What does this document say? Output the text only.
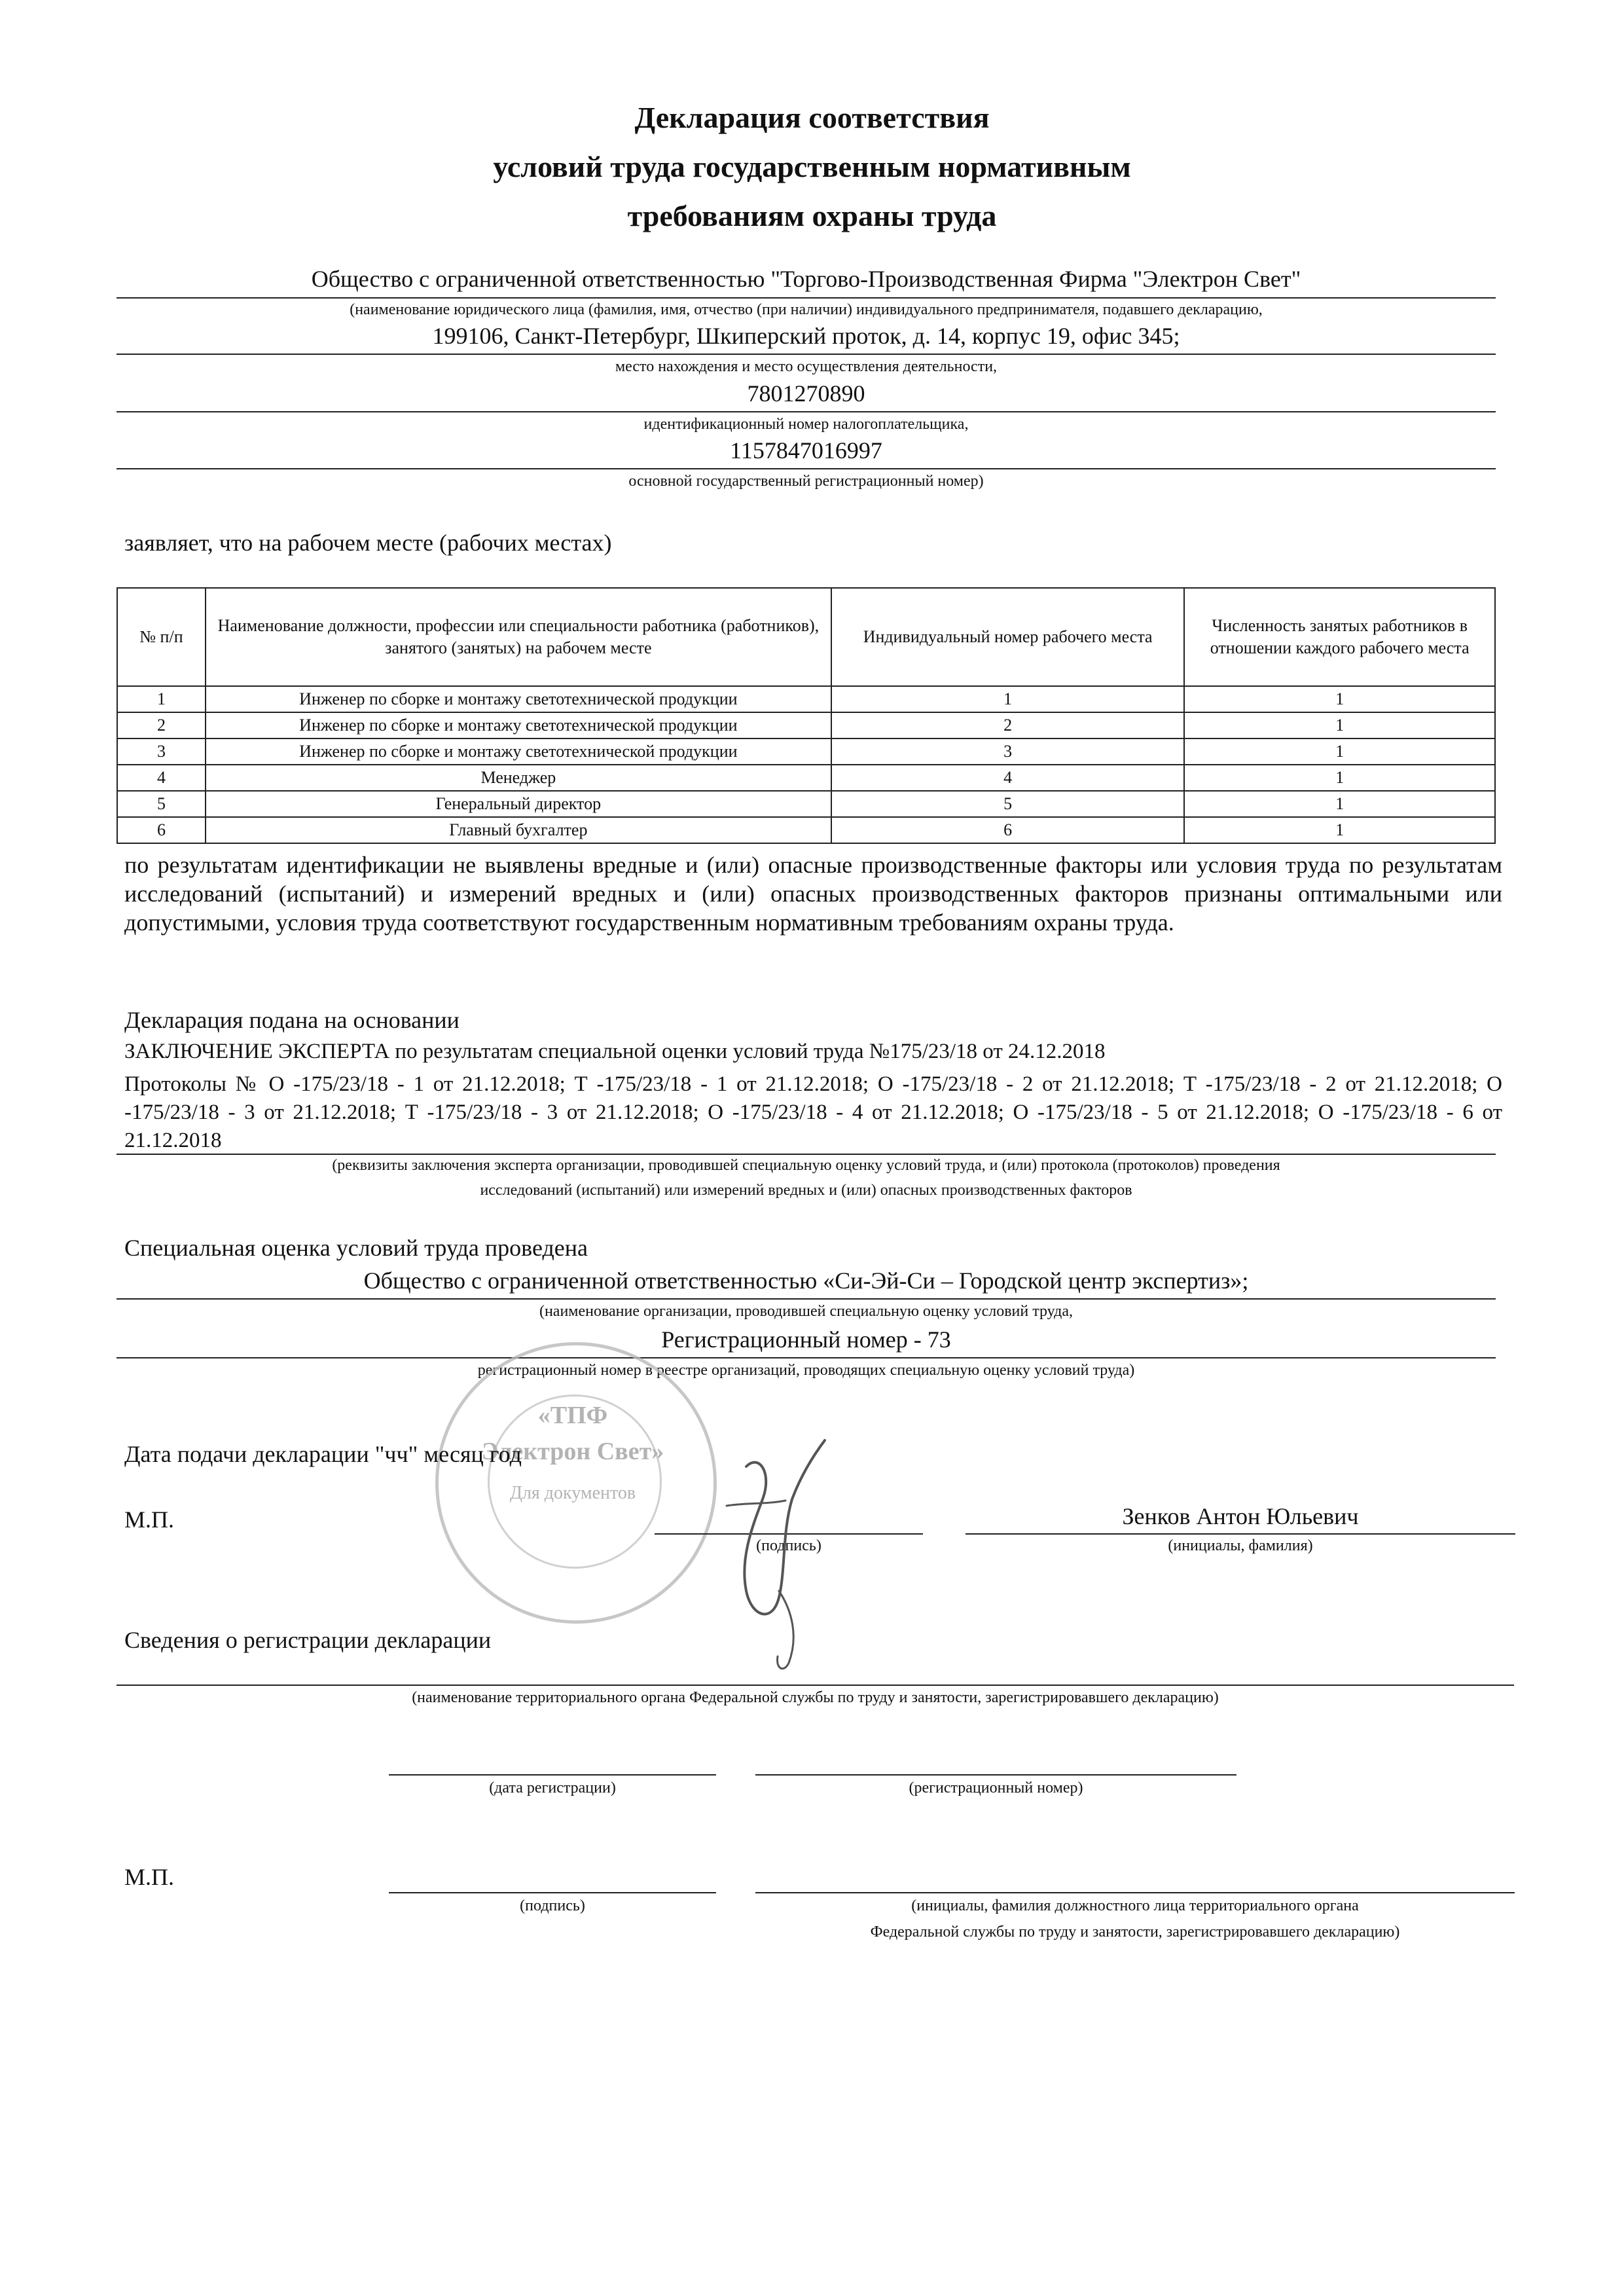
Декларация соответствия
условий труда государственным нормативным
требованиям охраны труда
Общество с ограниченной ответственностью "Торгово-Производственная Фирма "Электрон Свет"
(наименование юридического лица (фамилия, имя, отчество (при наличии) индивидуального предпринимателя, подавшего декларацию,
199106, Санкт-Петербург, Шкиперский проток, д. 14, корпус 19, офис 345;
место нахождения и место осуществления деятельности,
7801270890
идентификационный номер налогоплательщика,
1157847016997
основной государственный регистрационный номер)
заявляет, что на рабочем месте (рабочих местах)
№ п/п	Наименование должности, профессии или специальности работника (работников), занятого (занятых) на рабочем месте	Индивидуальный номер рабочего места	Численность занятых работников в отношении каждого рабочего места
1	Инженер по сборке и монтажу светотехнической продукции	1	1
2	Инженер по сборке и монтажу светотехнической продукции	2	1
3	Инженер по сборке и монтажу светотехнической продукции	3	1
4	Менеджер	4	1
5	Генеральный директор	5	1
6	Главный бухгалтер	6	1
по результатам идентификации не выявлены вредные и (или) опасные производственные факторы или условия труда по результатам исследований (испытаний) и измерений вредных и (или) опасных производственных факторов признаны оптимальными или допустимыми, условия труда соответствуют государственным нормативным требованиям охраны труда.
Декларация подана на основании
ЗАКЛЮЧЕНИЕ ЭКСПЕРТА по результатам специальной оценки условий труда №175/23/18 от 24.12.2018
Протоколы № О -175/23/18 - 1 от 21.12.2018; Т -175/23/18 - 1 от 21.12.2018; О -175/23/18 - 2 от 21.12.2018; Т -175/23/18 - 2 от 21.12.2018; О -175/23/18 - 3 от 21.12.2018; Т -175/23/18 - 3 от 21.12.2018; О -175/23/18 - 4 от 21.12.2018; О -175/23/18 - 5 от 21.12.2018; О -175/23/18 - 6 от 21.12.2018
(реквизиты заключения эксперта организации, проводившей специальную оценку условий труда, и (или) протокола (протоколов) проведения
исследований (испытаний) или измерений вредных и (или) опасных производственных факторов
Специальная оценка условий труда проведена
Общество с ограниченной ответственностью «Си-Эй-Си – Городской центр экспертиз»;
(наименование организации, проводившей специальную оценку условий труда,
Регистрационный номер - 73
регистрационный номер в реестре организаций, проводящих специальную оценку условий труда)
«ТПФ
Электрон Свет»
Для документов
Дата подачи декларации "чч" месяц год
М.П.
(подпись)
Зенков Антон Юльевич
(инициалы, фамилия)
Сведения о регистрации декларации
(наименование территориального органа Федеральной службы по труду и занятости, зарегистрировавшего декларацию)
(дата регистрации)	(регистрационный номер)
М.П.
(подпись)	(инициалы, фамилия должностного лица территориального органа
Федеральной службы по труду и занятости, зарегистрировавшего декларацию)
